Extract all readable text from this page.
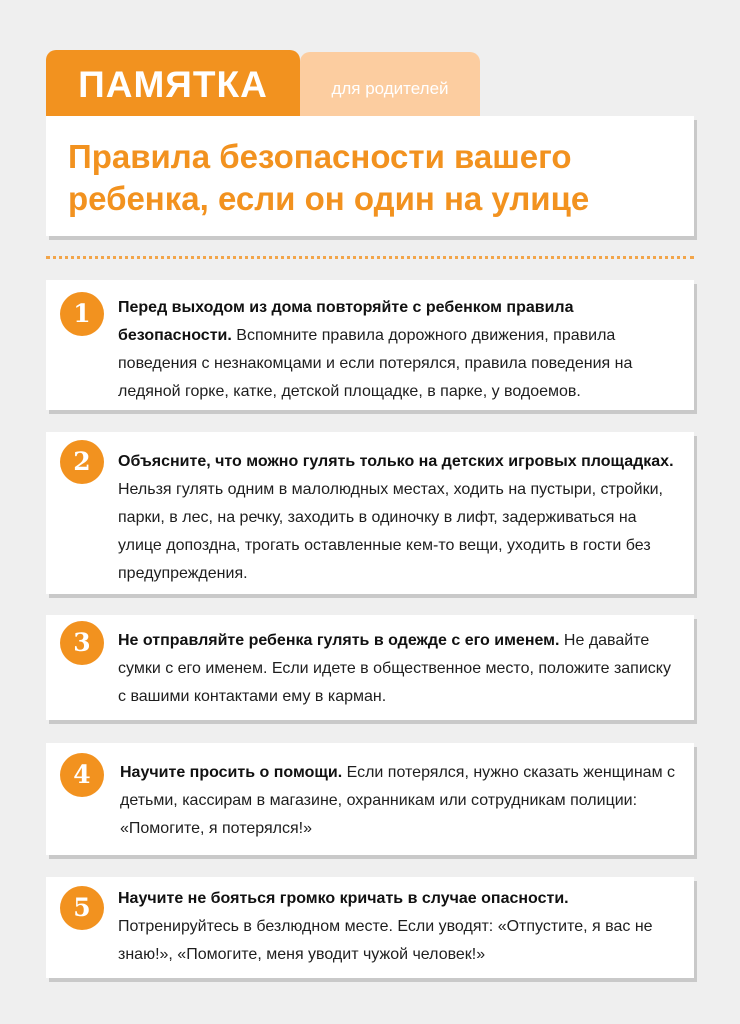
ПАМЯТКА	для родителей
Правила безопасности вашего ребенка, если он один на улице
1	Перед выходом из дома повторяйте с ребенком правила безопасности. Вспомните правила дорожного движения, правила поведения с незнакомцами и если потерялся, правила поведения на ледяной горке, катке, детской площадке, в парке, у водоемов.
2	Объясните, что можно гулять только на детских игровых площадках. Нельзя гулять одним в малолюдных местах, ходить на пустыри, стройки, парки, в лес, на речку, заходить в одиночку в лифт, задерживаться на улице допоздна, трогать оставленные кем-то вещи, уходить в гости без предупреждения.
3	Не отправляйте ребенка гулять в одежде с его именем. Не давайте сумки с его именем. Если идете в общественное место, положите записку с вашими контактами ему в карман.
4	Научите просить о помощи. Если потерялся, нужно сказать женщинам с детьми, кассирам в магазине, охранникам или сотрудникам полиции: «Помогите, я потерялся!»
5	Научите не бояться громко кричать в случае опасности. Потренируйтесь в безлюдном месте. Если уводят: «Отпустите, я вас не знаю!», «Помогите, меня уводит чужой человек!»
